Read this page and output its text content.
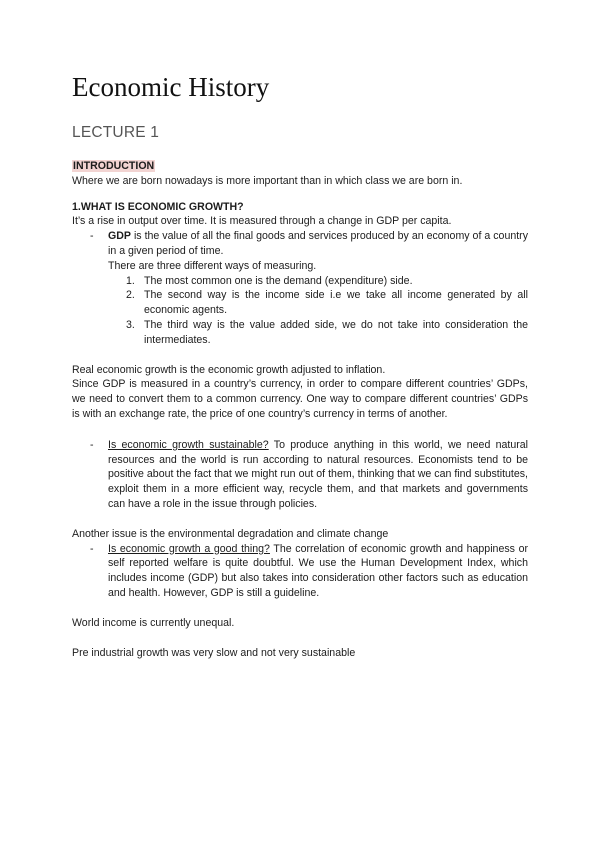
Economic History
LECTURE 1

INTRODUCTION

Where we are born nowadays is more important than in which class we are born in.

1.WHAT IS ECONOMIC GROWTH?

It’s a rise in output over time. It is measured through a change in GDP per capita.

- GDP is the value of all the final goods and services produced by an economy of a country in a given period of time.

There are three different ways of measuring.

1. The most common one is the demand (expenditure) side.
2. The second way is the income side i.e we take all income generated by all economic agents.
3. The third way is the value added side, we do not take into consideration the intermediates.

Real economic growth is the economic growth adjusted to inflation.

Since GDP is measured in a country’s currency, in order to compare different countries’ GDPs, we need to convert them to a common currency. One way to compare different countries’ GDPs is with an exchange rate, the price of one country’s currency in terms of another.

- Is economic growth sustainable? To produce anything in this world, we need natural resources and the world is run according to natural resources. Economists tend to be positive about the fact that we might run out of them, thinking that we can find substitutes, exploit them in a more efficient way, recycle them, and that markets and governments can have a role in the issue through policies.

Another issue is the environmental degradation and climate change

- Is economic growth a good thing? The correlation of economic growth and happiness or self reported welfare is quite doubtful. We use the Human Development Index, which includes income (GDP) but also takes into consideration other factors such as education and health. However, GDP is still a guideline.

World income is currently unequal.

Pre industrial growth was very slow and not very sustainable
